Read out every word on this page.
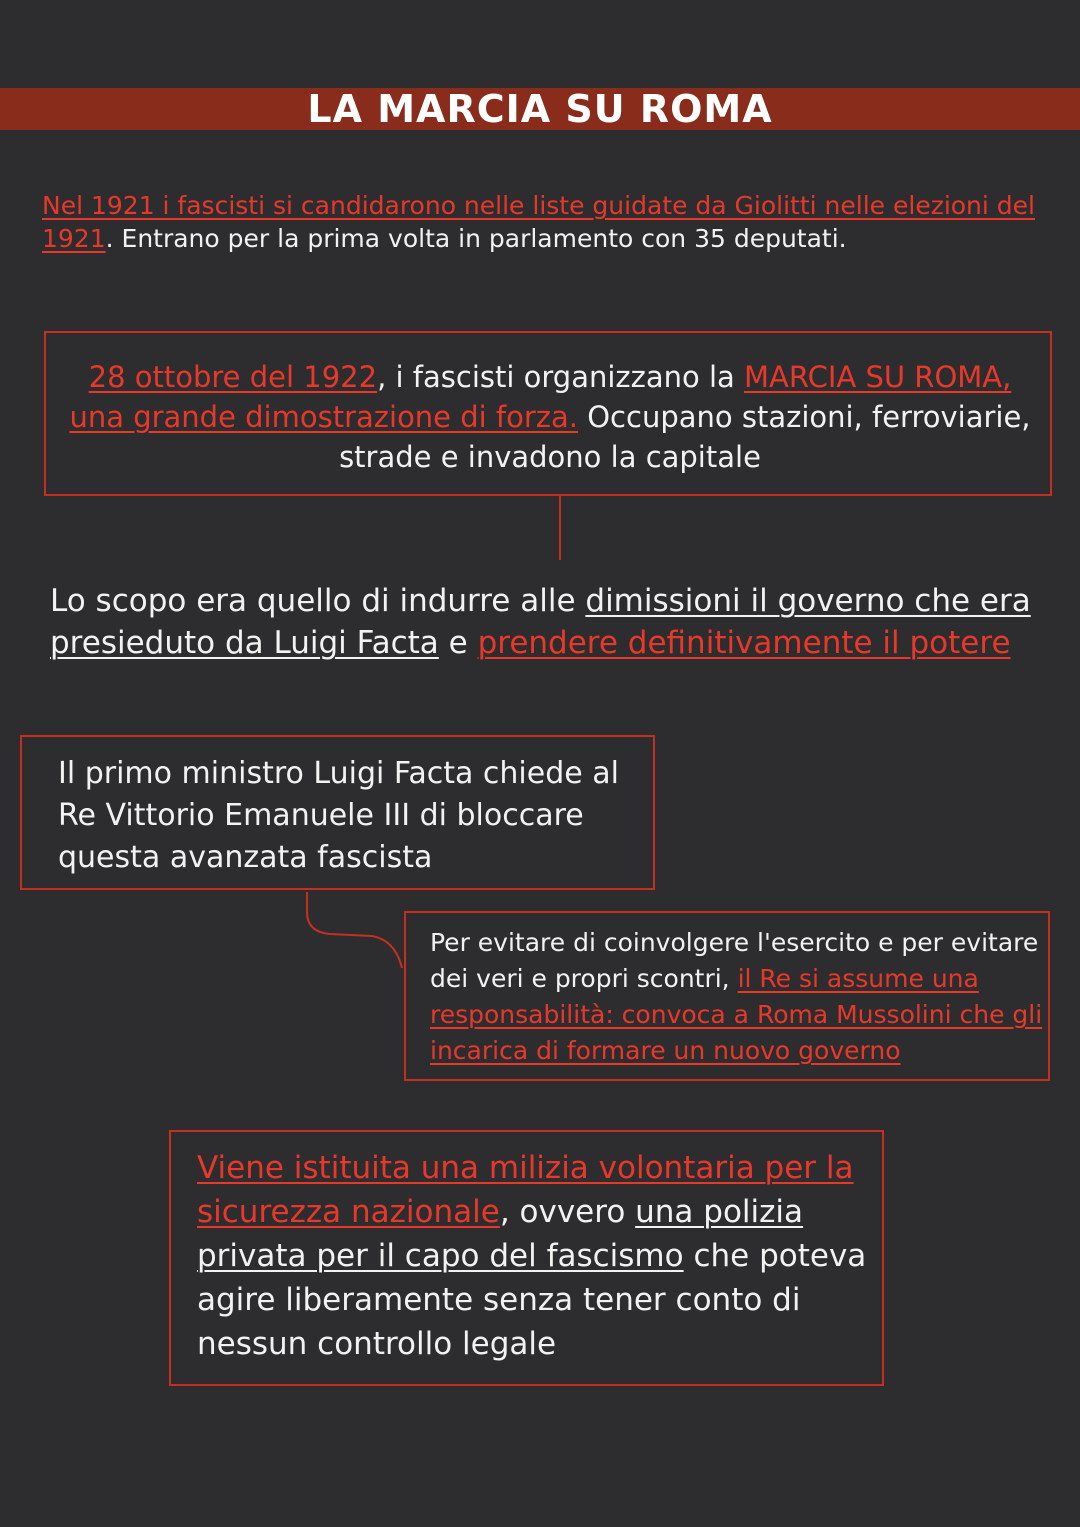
LA MARCIA SU ROMA
Nel 1921 i fascisti si candidarono nelle liste guidate da Giolitti nelle elezioni del 1921. Entrano per la prima volta in parlamento con 35 deputati.
28 ottobre del 1922, i fascisti organizzano la MARCIA SU ROMA, una grande dimostrazione di forza. Occupano stazioni, ferroviarie, strade e invadono la capitale
Lo scopo era quello di indurre alle dimissioni il governo che era presieduto da Luigi Facta e prendere definitivamente il potere
Il primo ministro Luigi Facta chiede al Re Vittorio Emanuele III di bloccare questa avanzata fascista
Per evitare di coinvolgere l'esercito e per evitare dei veri e propri scontri, il Re si assume una responsabilità: convoca a Roma Mussolini che gli incarica di formare un nuovo governo
Viene istituita una milizia volontaria per la sicurezza nazionale, ovvero una polizia privata per il capo del fascismo che poteva agire liberamente senza tener conto di nessun controllo legale
